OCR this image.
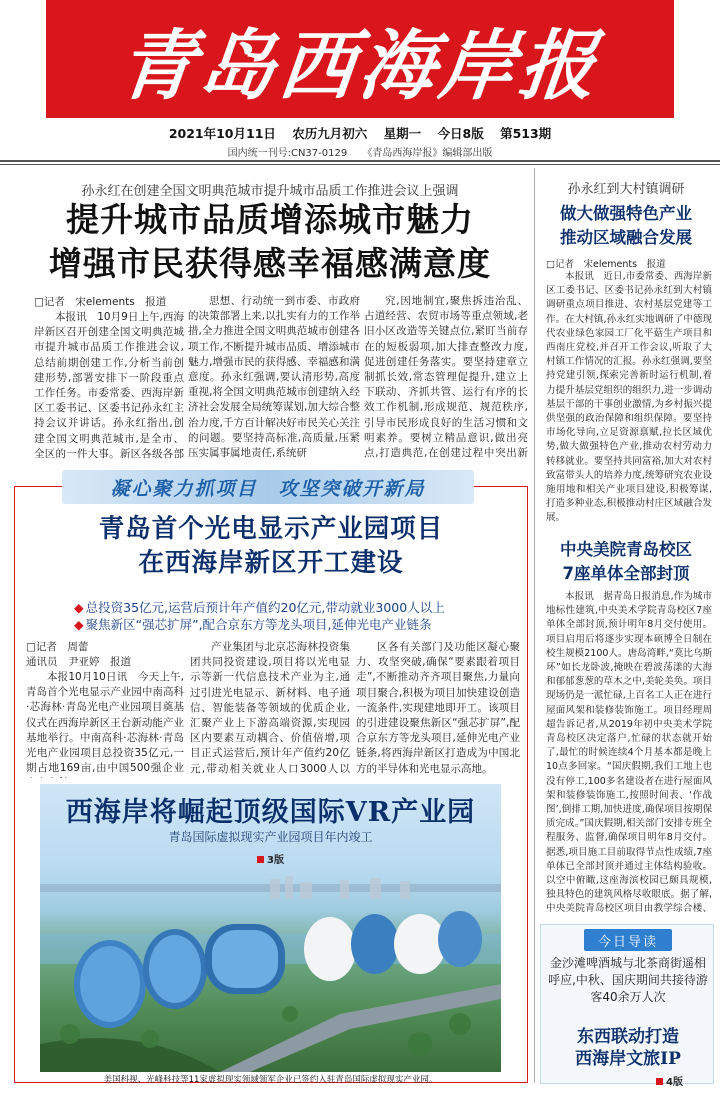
青岛西海岸报
2021年10月11日 农历九月初六 星期一 今日8版 第513期
国内统一刊号:CN37-0129 《青岛西海岸报》编辑部出版
孙永红在创建全国文明典范城市提升城市品质工作推进会议上强调
提升城市品质增添城市魅力
增强市民获得感幸福感满意度
□记者　宋elements　报道

本报讯　10月9日上午,西海岸新区召开创建全国文明典范城市提升城市品质工作推进会议,总结前期创建工作,分析当前创建形势,部署安排下一阶段重点工作任务。市委常委、西海岸新区工委书记、区委书记孙永红主持会议并讲话。孙永红指出,创建全国文明典范城市,是全市、全区的一件大事。新区各级各部

思想、行动统一到市委、市政府的决策部署上来,以扎实有力的工作举措,全力推进全国文明典范城市创建各项工作,不断提升城市品质、增添城市魅力,增强市民的获得感、幸福感和满意度。孙永红强调,要认清形势,高度重视,将全国文明典范城市创建纳入经济社会发展全局统筹谋划,加大综合整治力度,千方百计解决好市民关心关注的问题。要坚持高标准,高质量,压紧压实属事属地责任,系统研

究,因地制宜,聚焦拆违治乱、占道经营、农贸市场等重点领域,老旧小区改造等关键点位,紧盯当前存在的短板弱项,加大排查整改力度,促进创建任务落实。要坚持建章立制抓长效,常态管理促提升,建立上下联动、齐抓共管、运行有序的长效工作机制,形成规范、规范秩序,引导市民形成良好的生活习惯和文明素养。要树立精品意识,做出亮点,打造典范,在创建过程中突出新

凝心聚力抓项目　攻坚突破开新局
青岛首个光电显示产业园项目
在西海岸新区开工建设
◆ 总投资35亿元,运营后预计年产值约20亿元,带动就业3000人以上
◆ 聚焦新区“强芯扩屏”,配合京东方等龙头项目,延伸光电产业链条
□记者　周蕾
通讯员　尹亚婷　报道

本报10月10日讯　今天上午,青岛首个光电显示产业园中南高科·芯海林·青岛光电产业园项目奠基仪式在西海岸新区王台新动能产业基地举行。中南高科·芯海林·青岛光电产业园项目总投资35亿元,一期占地169亩,由中国500强企业

产业集团与北京芯海林投资集团共同投资建设,项目将以光电显示等新一代信息技术产业为主,通过引进光电显示、新材料、电子通信、智能装备等领域的优质企业,汇聚产业上下游高端资源,实现园区内要素互动耦合、价值倍增,项目正式运营后,预计年产值约20亿元,带动相关就业人口3000人以

区各有关部门及功能区凝心聚力、攻坚突破,确保“要素跟着项目走”,不断推动齐齐项目聚焦,力量向项目聚合,积极为项目加快建设创造一流条件,实现建地即开工。该项目的引进建设聚焦新区“强芯扩屏”,配合京东方等龙头项目,延伸光电产业链条,将西海岸新区打造成为中国北方的半导体和光电显示高地。

西海岸将崛起顶级国际VR产业园
青岛国际虚拟现实产业园项目年内竣工
3版
美国科视、光峰科技等11家虚拟现实领域领军企业已签约入驻青岛国际虚拟现实产业园。
孙永红到大村镇调研
做大做强特色产业
推动区域融合发展
□记者　宋elements　报道

本报讯　近日,市委常委、西海岸新区工委书记、区委书记孙永红到大村镇调研重点项目推进、农村基层党建等工作。在大村镇,孙永红实地调研了中德现代农业绿色家园工厂化平菇生产项目和西南庄党校,并召开工作会议,听取了大村镇工作情况的汇报。孙永红强调,要坚持党建引领,探索完善新时运行机制,着力提升基层党组织的组织力,进一步调动基层干部的干事创业激情,为乡村振兴提供坚强的政治保障和组织保障。要坚持市场化导向,立足资源禀赋,拉长区域优势,做大做强特色产业,推动农村劳动力转移就业。要坚持共同富裕,加大对农村致富带头人的培养力度,统筹研究农业设施用地和相关产业项目建设,积极筹谋,打造多种业态,积极推动村庄区域融合发展。

中央美院青岛校区
7座单体全部封顶

本报讯　据青岛日报消息,作为城市地标性建筑,中央美术学院青岛校区7座单体全部封顶,预计明年8月交付使用。项目启用后将逐步实现本硕博全日制在校生规模2100人。唐岛湾畔,“莫比乌斯环”如长龙卧波,掩映在碧波荡漾的大海和郁郁葱葱的草木之中,美轮美奂。项目现场仍是一派忙碌,上百名工人正在进行屋面风架和装修装饰施工。项目经理周超告诉记者,从2019年初中央美术学院青岛校区决定落户,忙碌的状态就开始了,最忙的时候连续4个月基本都是晚上10点多回家。“国庆假期,我们工地上也没有停工,100多名建设者在进行屋面风架和装修装饰施工,按照时间表、‘作战图’,倒排工期,加快进度,确保项目按期保质完成。”国庆假期,相关部门安排专班全程服务、监督,确保项目明年8月交付。据悉,项目施工目前取得节点性成绩,7座单体已全部封顶并通过主体结构验收。以空中俯瞰,这座海滨校园已颇具规模,独具特色的建筑风格尽收眼底。据了解,中央美院青岛校区项目由教学综合楼、

今日导读
金沙滩啤酒城与北茶商街遥相呼应,中秋、国庆期间共接待游客40余万人次
东西联动打造
西海岸文旅IP
4版
